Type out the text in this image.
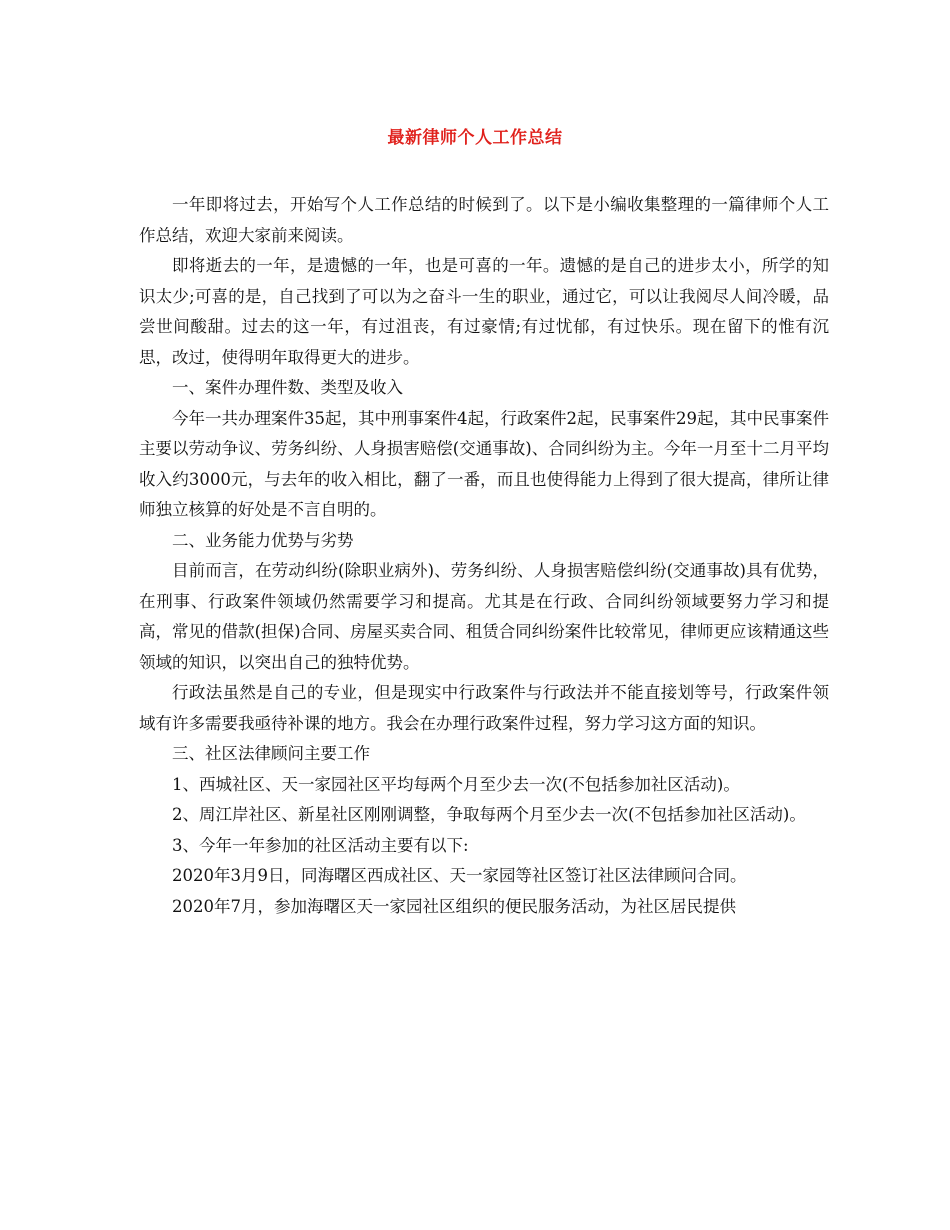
最新律师个人工作总结

一年即将过去，开始写个人工作总结的时候到了。以下是小编收集整理的一篇律师个人工作总结，欢迎大家前来阅读。

即将逝去的一年，是遗憾的一年，也是可喜的一年。遗憾的是自己的进步太小，所学的知识太少;可喜的是，自己找到了可以为之奋斗一生的职业，通过它，可以让我阅尽人间冷暖，品尝世间酸甜。过去的这一年，有过沮丧，有过豪情;有过忧郁，有过快乐。现在留下的惟有沉思，改过，使得明年取得更大的进步。

一、案件办理件数、类型及收入

今年一共办理案件35起，其中刑事案件4起，行政案件2起，民事案件29起，其中民事案件主要以劳动争议、劳务纠纷、人身损害赔偿(交通事故)、合同纠纷为主。今年一月至十二月平均收入约3000元，与去年的收入相比，翻了一番，而且也使得能力上得到了很大提高，律所让律师独立核算的好处是不言自明的。

二、业务能力优势与劣势

目前而言，在劳动纠纷(除职业病外)、劳务纠纷、人身损害赔偿纠纷(交通事故)具有优势，在刑事、行政案件领域仍然需要学习和提高。尤其是在行政、合同纠纷领域要努力学习和提高，常见的借款(担保)合同、房屋买卖合同、租赁合同纠纷案件比较常见，律师更应该精通这些领域的知识，以突出自己的独特优势。

行政法虽然是自己的专业，但是现实中行政案件与行政法并不能直接划等号，行政案件领域有许多需要我亟待补课的地方。我会在办理行政案件过程，努力学习这方面的知识。

三、社区法律顾问主要工作

1、西城社区、天一家园社区平均每两个月至少去一次(不包括参加社区活动)。

2、周江岸社区、新星社区刚刚调整，争取每两个月至少去一次(不包括参加社区活动)。

3、今年一年参加的社区活动主要有以下:

2020年3月9日，同海曙区西成社区、天一家园等社区签订社区法律顾问合同。

2020年7月，参加海曙区天一家园社区组织的便民服务活动，为社区居民提供
